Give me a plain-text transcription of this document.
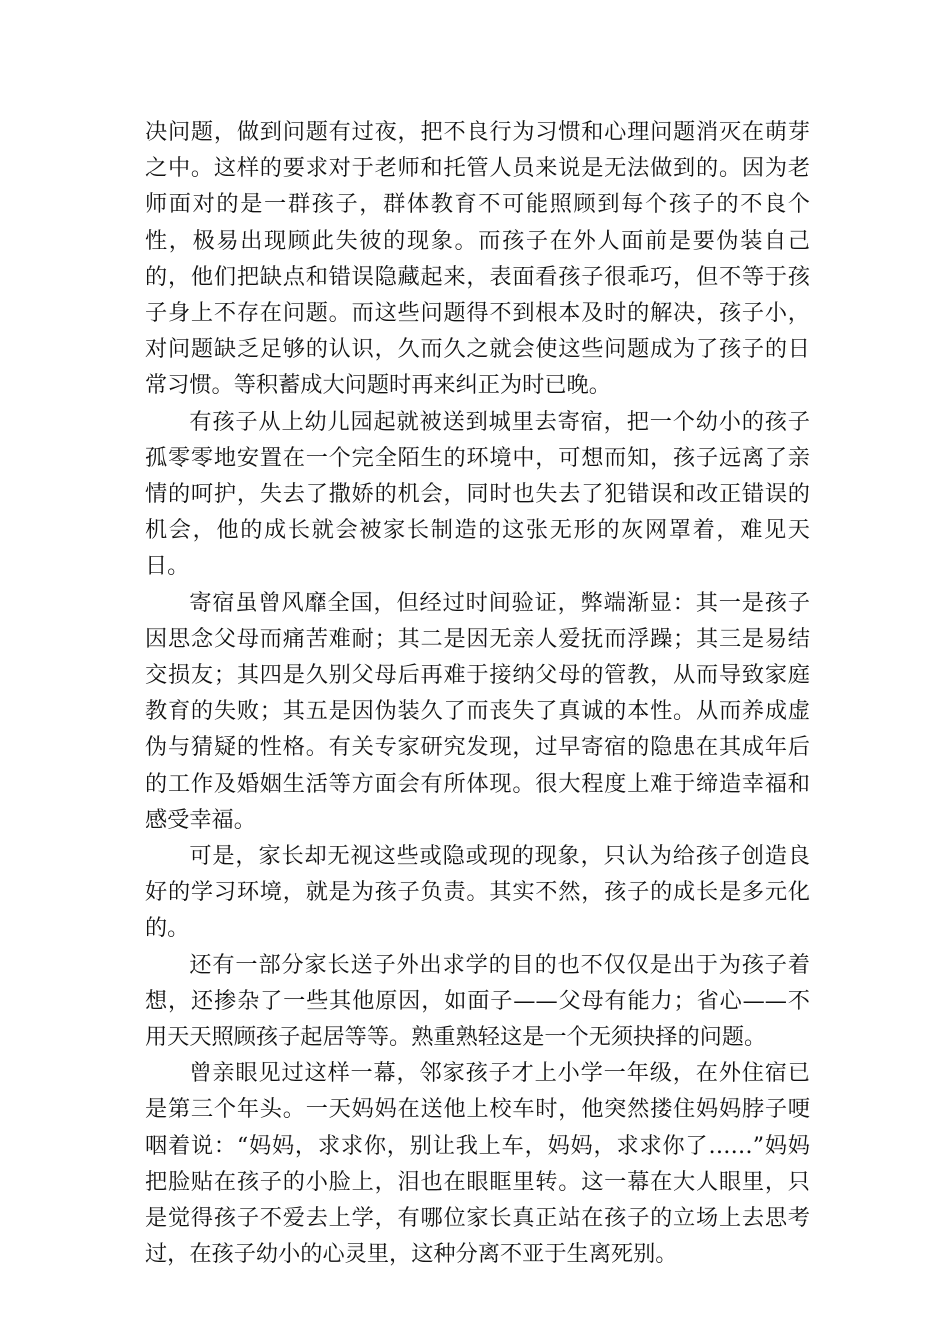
决问题，做到问题有过夜，把不良行为习惯和心理问题消灭在萌芽之中。这样的要求对于老师和托管人员来说是无法做到的。因为老师面对的是一群孩子，群体教育不可能照顾到每个孩子的不良个性，极易出现顾此失彼的现象。而孩子在外人面前是要伪装自己的，他们把缺点和错误隐藏起来，表面看孩子很乖巧，但不等于孩子身上不存在问题。而这些问题得不到根本及时的解决，孩子小，对问题缺乏足够的认识，久而久之就会使这些问题成为了孩子的日常习惯。等积蓄成大问题时再来纠正为时已晚。

有孩子从上幼儿园起就被送到城里去寄宿，把一个幼小的孩子孤零零地安置在一个完全陌生的环境中，可想而知，孩子远离了亲情的呵护，失去了撒娇的机会，同时也失去了犯错误和改正错误的机会，他的成长就会被家长制造的这张无形的灰网罩着，难见天日。

寄宿虽曾风靡全国，但经过时间验证，弊端渐显：其一是孩子因思念父母而痛苦难耐；其二是因无亲人爱抚而浮躁；其三是易结交损友；其四是久别父母后再难于接纳父母的管教，从而导致家庭教育的失败；其五是因伪装久了而丧失了真诚的本性。从而养成虚伪与猜疑的性格。有关专家研究发现，过早寄宿的隐患在其成年后的工作及婚姻生活等方面会有所体现。很大程度上难于缔造幸福和感受幸福。

可是，家长却无视这些或隐或现的现象，只认为给孩子创造良好的学习环境，就是为孩子负责。其实不然，孩子的成长是多元化的。

还有一部分家长送子外出求学的目的也不仅仅是出于为孩子着想，还掺杂了一些其他原因，如面子——父母有能力；省心——不用天天照顾孩子起居等等。熟重熟轻这是一个无须抉择的问题。

曾亲眼见过这样一幕，邻家孩子才上小学一年级，在外住宿已是第三个年头。一天妈妈在送他上校车时，他突然搂住妈妈脖子哽咽着说：“妈妈，求求你，别让我上车，妈妈，求求你了……”妈妈把脸贴在孩子的小脸上，泪也在眼眶里转。这一幕在大人眼里，只是觉得孩子不爱去上学，有哪位家长真正站在孩子的立场上去思考过，在孩子幼小的心灵里，这种分离不亚于生离死别。
